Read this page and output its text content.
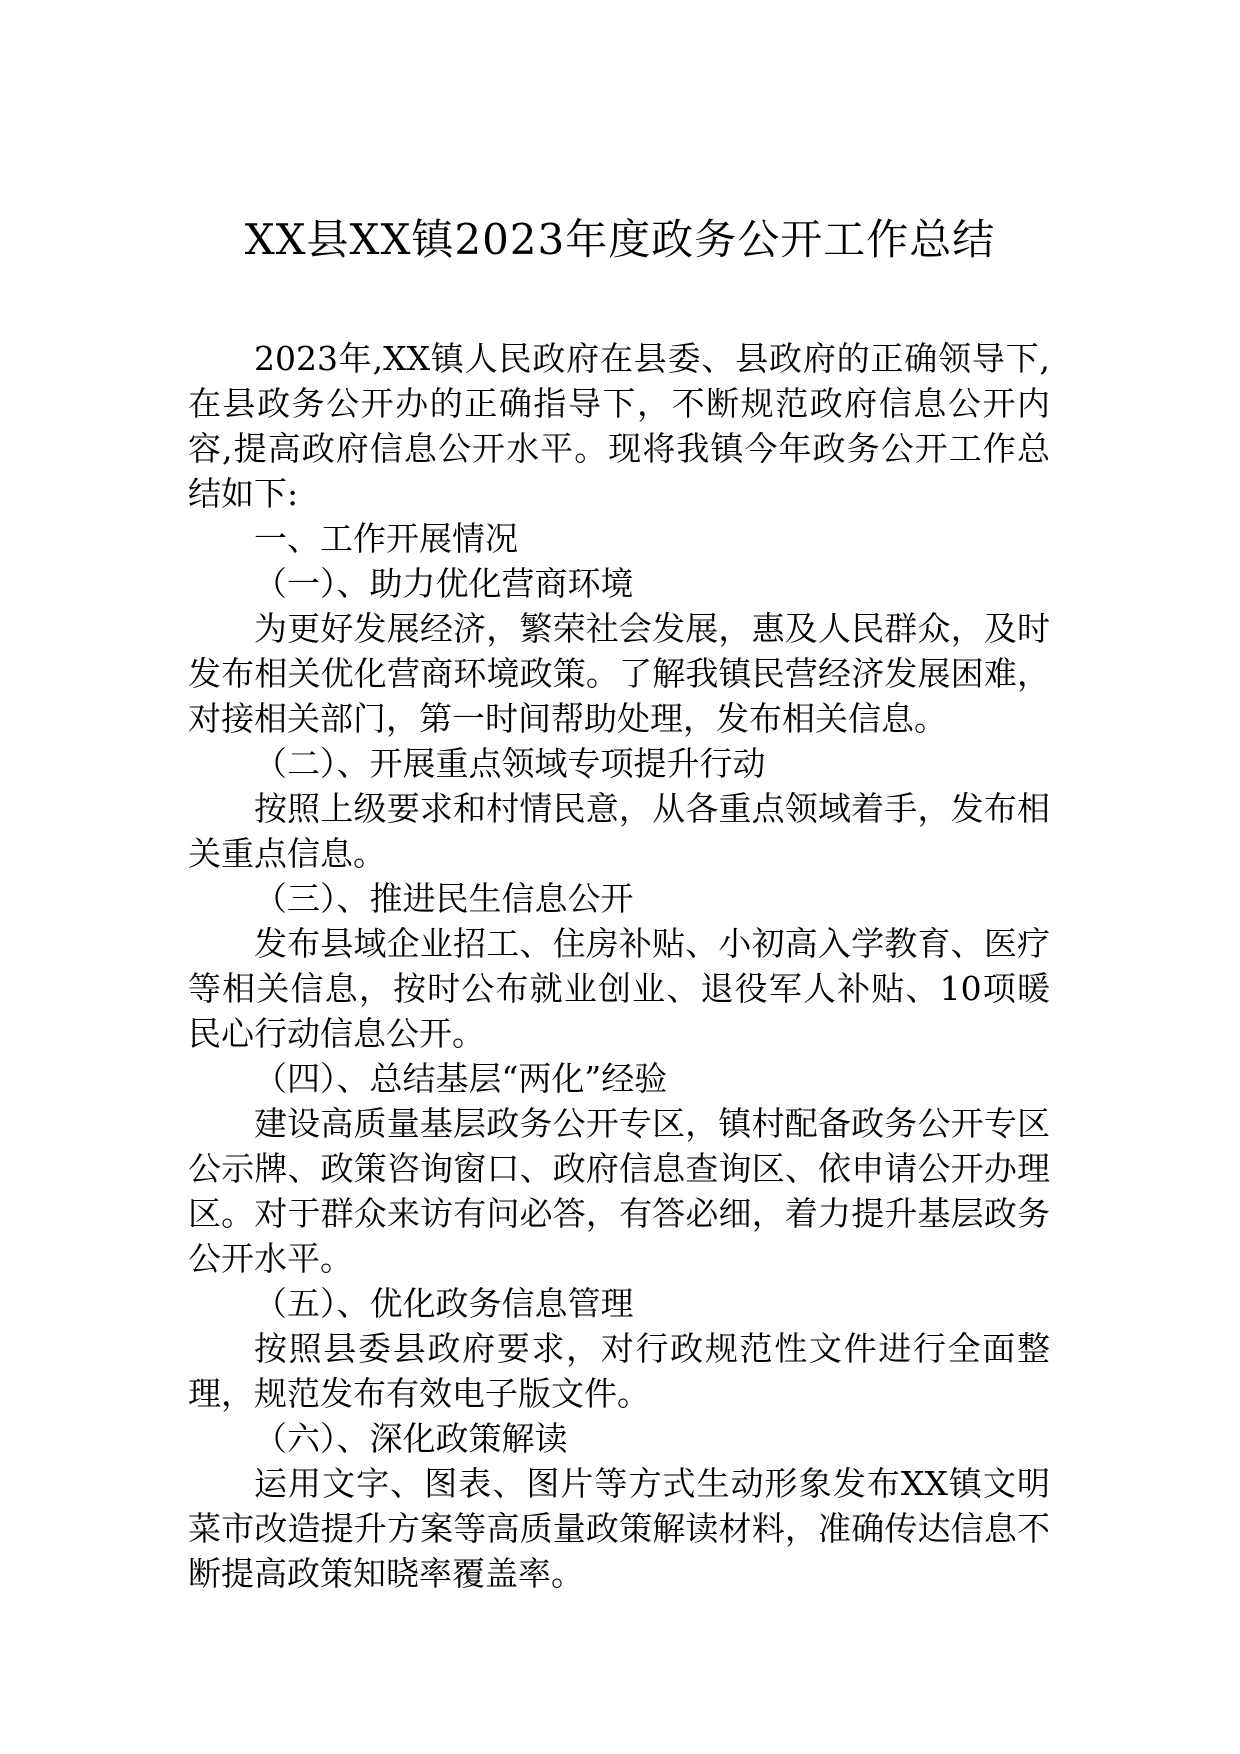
XX县XX镇2023年度政务公开工作总结

2023年,XX镇人民政府在县委、县政府的正确领导下,在县政务公开办的正确指导下，不断规范政府信息公开内容,提高政府信息公开水平。现将我镇今年政务公开工作总结如下:

一、工作开展情况

（一）、助力优化营商环境

为更好发展经济，繁荣社会发展，惠及人民群众，及时发布相关优化营商环境政策。了解我镇民营经济发展困难，对接相关部门，第一时间帮助处理，发布相关信息。

（二）、开展重点领域专项提升行动

按照上级要求和村情民意，从各重点领域着手，发布相关重点信息。

（三）、推进民生信息公开

发布县域企业招工、住房补贴、小初高入学教育、医疗等相关信息，按时公布就业创业、退役军人补贴、10项暖民心行动信息公开。

（四）、总结基层“两化”经验

建设高质量基层政务公开专区，镇村配备政务公开专区公示牌、政策咨询窗口、政府信息查询区、依申请公开办理区。对于群众来访有问必答，有答必细，着力提升基层政务公开水平。

（五）、优化政务信息管理

按照县委县政府要求，对行政规范性文件进行全面整理，规范发布有效电子版文件。

（六）、深化政策解读

运用文字、图表、图片等方式生动形象发布XX镇文明菜市改造提升方案等高质量政策解读材料，准确传达信息不断提高政策知晓率覆盖率。
